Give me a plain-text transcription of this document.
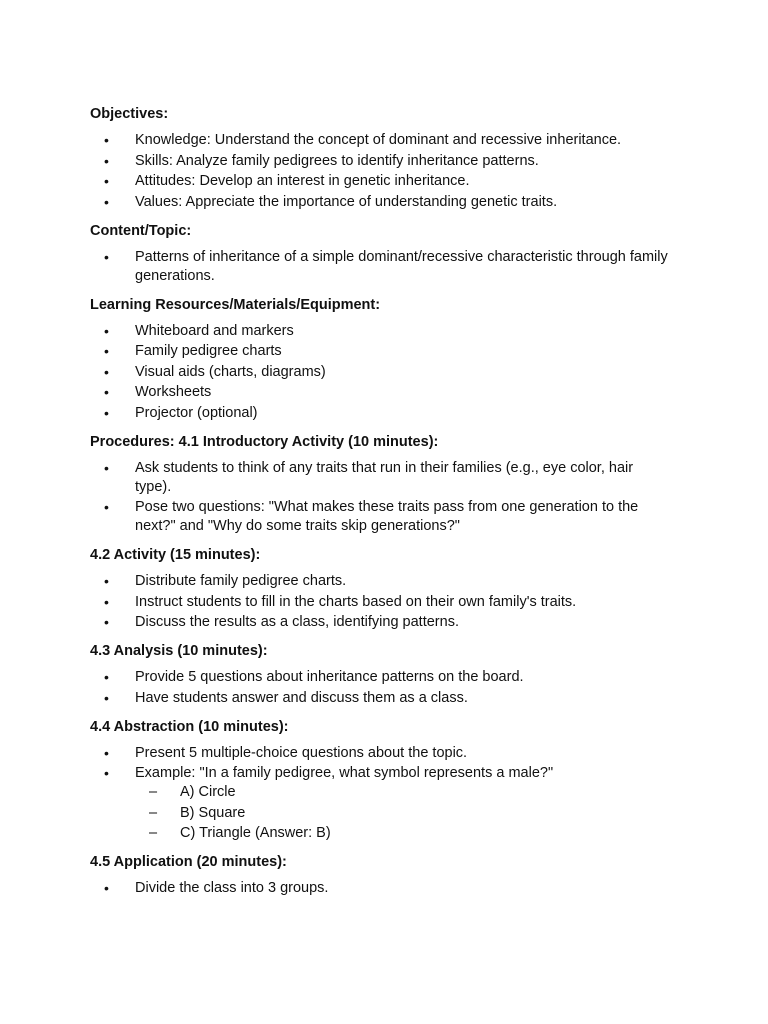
Objectives:
• Knowledge: Understand the concept of dominant and recessive inheritance.
• Skills: Analyze family pedigrees to identify inheritance patterns.
• Attitudes: Develop an interest in genetic inheritance.
• Values: Appreciate the importance of understanding genetic traits.
Content/Topic:
• Patterns of inheritance of a simple dominant/recessive characteristic through family generations.
Learning Resources/Materials/Equipment:
• Whiteboard and markers
• Family pedigree charts
• Visual aids (charts, diagrams)
• Worksheets
• Projector (optional)
Procedures: 4.1 Introductory Activity (10 minutes):
• Ask students to think of any traits that run in their families (e.g., eye color, hair type).
• Pose two questions: "What makes these traits pass from one generation to the next?" and "Why do some traits skip generations?"
4.2 Activity (15 minutes):
• Distribute family pedigree charts.
• Instruct students to fill in the charts based on their own family's traits.
• Discuss the results as a class, identifying patterns.
4.3 Analysis (10 minutes):
• Provide 5 questions about inheritance patterns on the board.
• Have students answer and discuss them as a class.
4.4 Abstraction (10 minutes):
• Present 5 multiple-choice questions about the topic.
• Example: "In a family pedigree, what symbol represents a male?"
– A) Circle
– B) Square
– C) Triangle (Answer: B)
4.5 Application (20 minutes):
• Divide the class into 3 groups.
